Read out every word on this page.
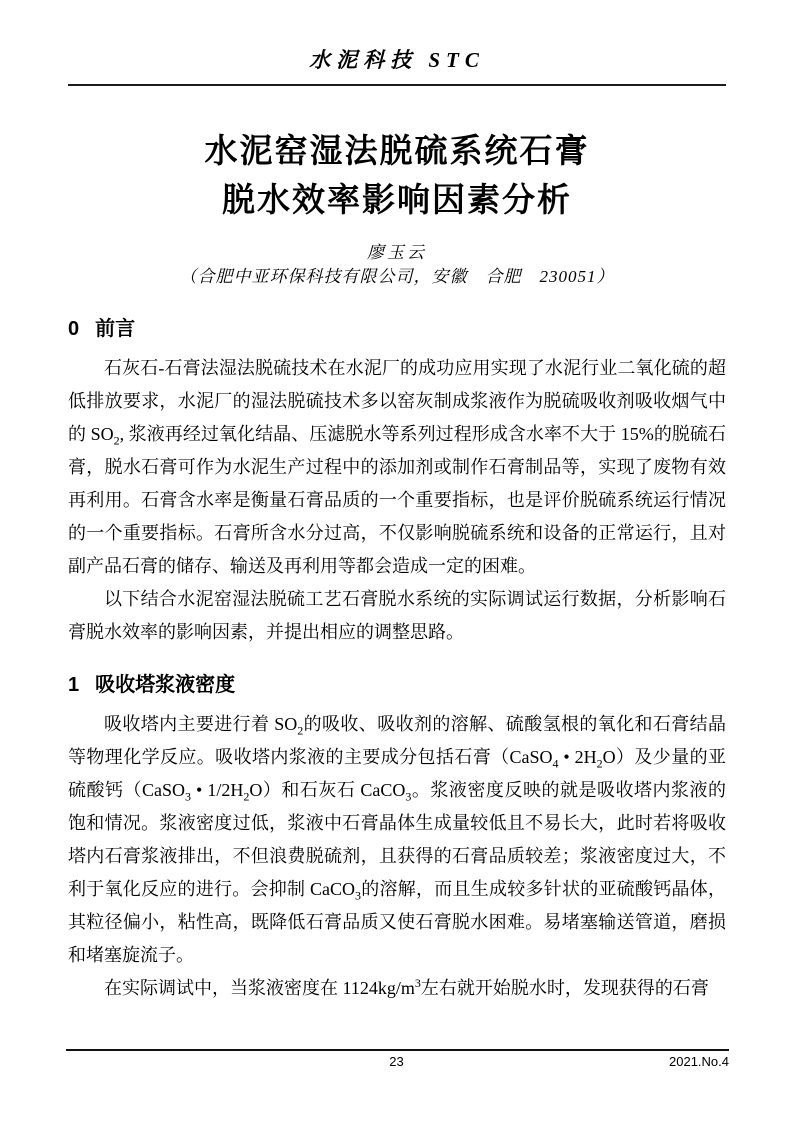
水泥科技 STC
水泥窑湿法脱硫系统石膏
脱水效率影响因素分析
廖玉云
（合肥中亚环保科技有限公司，安徽　合肥　230051）
0 前言

石灰石-石膏法湿法脱硫技术在水泥厂的成功应用实现了水泥行业二氧化硫的超低排放要求，水泥厂的湿法脱硫技术多以窑灰制成浆液作为脱硫吸收剂吸收烟气中的 $SO_2$, 浆液再经过氧化结晶、压滤脱水等系列过程形成含水率不大于 15%的脱硫石膏，脱水石膏可作为水泥生产过程中的添加剂或制作石膏制品等，实现了废物有效再利用。石膏含水率是衡量石膏品质的一个重要指标，也是评价脱硫系统运行情况的一个重要指标。石膏所含水分过高，不仅影响脱硫系统和设备的正常运行，且对副产品石膏的储存、输送及再利用等都会造成一定的困难。

以下结合水泥窑湿法脱硫工艺石膏脱水系统的实际调试运行数据，分析影响石膏脱水效率的影响因素，并提出相应的调整思路。

1 吸收塔浆液密度

吸收塔内主要进行着 $SO_2$的吸收、吸收剂的溶解、硫酸氢根的氧化和石膏结晶等物理化学反应。吸收塔内浆液的主要成分包括石膏（CaSO$_4$ • $2H_2O$）及少量的亚硫酸钙（CaSO$_3$ • $1/2H_2O$）和石灰石 CaCO$_3$。浆液密度反映的就是吸收塔内浆液的饱和情况。浆液密度过低，浆液中石膏晶体生成量较低且不易长大，此时若将吸收塔内石膏浆液排出，不但浪费脱硫剂，且获得的石膏品质较差；浆液密度过大，不利于氧化反应的进行。会抑制 CaCO$_3$的溶解，而且生成较多针状的亚硫酸钙晶体，其粒径偏小，粘性高，既降低石膏品质又使石膏脱水困难。易堵塞输送管道，磨损和堵塞旋流子。

在实际调试中，当浆液密度在 $1124kg/m^3$左右就开始脱水时，发现获得的石膏

23	2021.No.4
